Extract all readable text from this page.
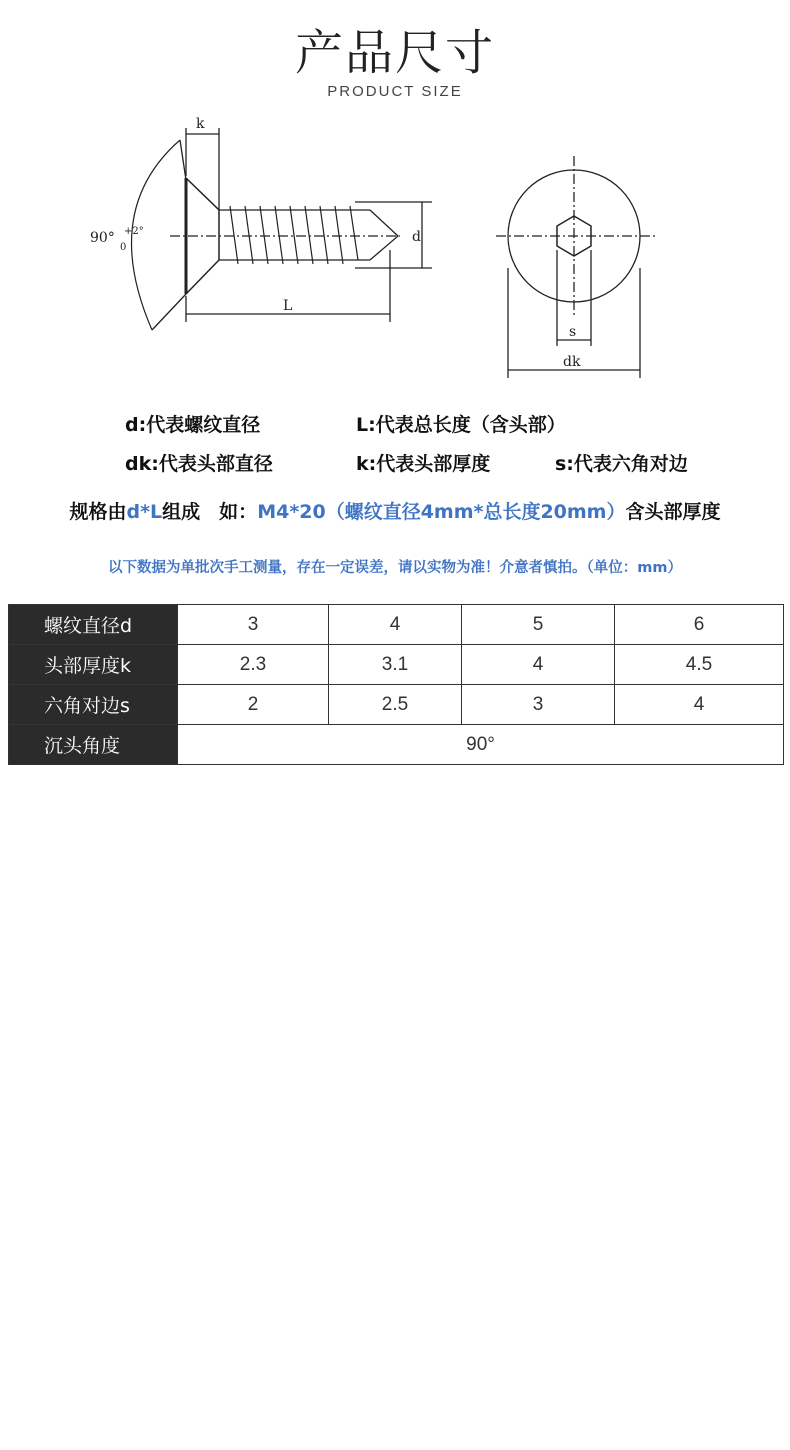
产品尺寸
PRODUCT SIZE
k
90° +2°
0
d
L
s
dk
d:代表螺纹直径	L:代表总长度（含头部）
dk:代表头部直径	k:代表头部厚度	s:代表六角对边
规格由d*L组成　如：M4*20（螺纹直径4mm*总长度20mm）含头部厚度
以下数据为单批次手工测量，存在一定误差，请以实物为准！介意者慎拍。（单位：mm）
螺纹直径d	3	4	5	6
头部厚度k	2.3	3.1	4	4.5
六角对边s	2	2.5	3	4
沉头角度	90°			
